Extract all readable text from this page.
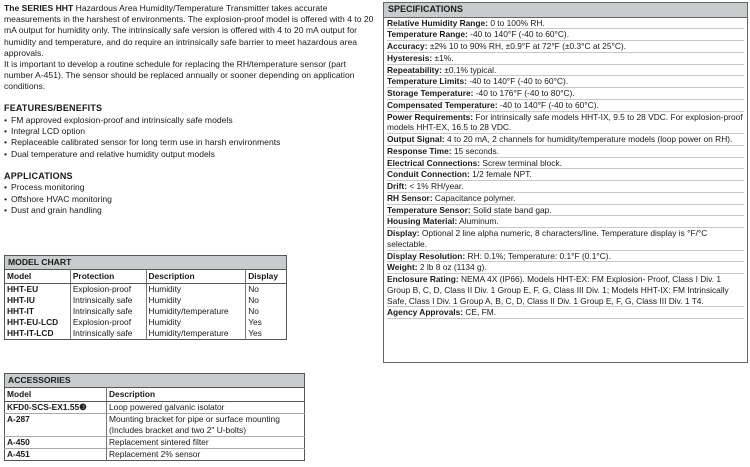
The SERIES HHT Hazardous Area Humidity/Temperature Transmitter takes accurate measurements in the harshest of environments. The explosion-proof model is offered with 4 to 20 mA output for humidity only. The intrinsically safe version is offered with 4 to 20 mA output for humidity and temperature, and do require an intrinsically safe barrier to meet hazardous area approvals.

It is important to develop a routine schedule for replacing the RH/temperature sensor (part number A-451). The sensor should be replaced annually or sooner depending on application conditions.

FEATURES/BENEFITS
• FM approved explosion-proof and intrinsically safe models
• Integral LCD option
• Replaceable calibrated sensor for long term use in harsh environments
• Dual temperature and relative humidity output models
APPLICATIONS
• Process monitoring
• Offshore HVAC monitoring
• Dust and grain handling
MODEL CHART
Model	Protection	Description	Display
HHT-EU	Explosion-proof	Humidity	No
HHT-IU	Intrinsically safe	Humidity	No
HHT-IT	Intrinsically safe	Humidity/temperature	No
HHT-EU-LCD	Explosion-proof	Humidity	Yes
HHT-IT-LCD	Intrinsically safe	Humidity/temperature	Yes
ACCESSORIES
Model	Description
KFD0-SCS-EX1.55❸	Loop powered galvanic isolator
A-287	Mounting bracket for pipe or surface mounting (Includes bracket and two 2" U-bolts)
A-450	Replacement sintered filter
A-451	Replacement 2% sensor
SPECIFICATIONS
Relative Humidity Range: 0 to 100% RH.
Temperature Range: -40 to 140°F (-40 to 60°C).
Accuracy: ±2% 10 to 90% RH, ±0.9°F at 72°F (±0.3°C at 25°C).
Hysteresis: ±1%.
Repeatability: ±0.1% typical.
Temperature Limits: -40 to 140°F (-40 to 60°C).
Storage Temperature: -40 to 176°F (-40 to 80°C).
Compensated Temperature: -40 to 140°F (-40 to 60°C).
Power Requirements: For intrinsically safe models HHT-IX, 9.5 to 28 VDC. For explosion-proof models HHT-EX, 16.5 to 28 VDC.
Output Signal: 4 to 20 mA, 2 channels for humidity/temperature models (loop power on RH).
Response Time: 15 seconds.
Electrical Connections: Screw terminal block.
Conduit Connection: 1/2 female NPT.
Drift: < 1% RH/year.
RH Sensor: Capacitance polymer.
Temperature Sensor: Solid state band gap.
Housing Material: Aluminum.
Display: Optional 2 line alpha numeric, 8 characters/line. Temperature display is °F/°C selectable.
Display Resolution: RH: 0.1%; Temperature: 0.1°F (0.1°C).
Weight: 2 lb 8 oz (1134 g).
Enclosure Rating: NEMA 4X (IP66). Models HHT-EX: FM Explosion- Proof, Class I Div. 1 Group B, C, D, Class II Div. 1 Group E, F, G, Class III Div. 1; Models HHT-IX: FM Intrinsically Safe, Class I Div. 1 Group A, B, C, D, Class II Div. 1 Group E, F, G, Class III Div. 1 T4.
Agency Approvals: CE, FM.
